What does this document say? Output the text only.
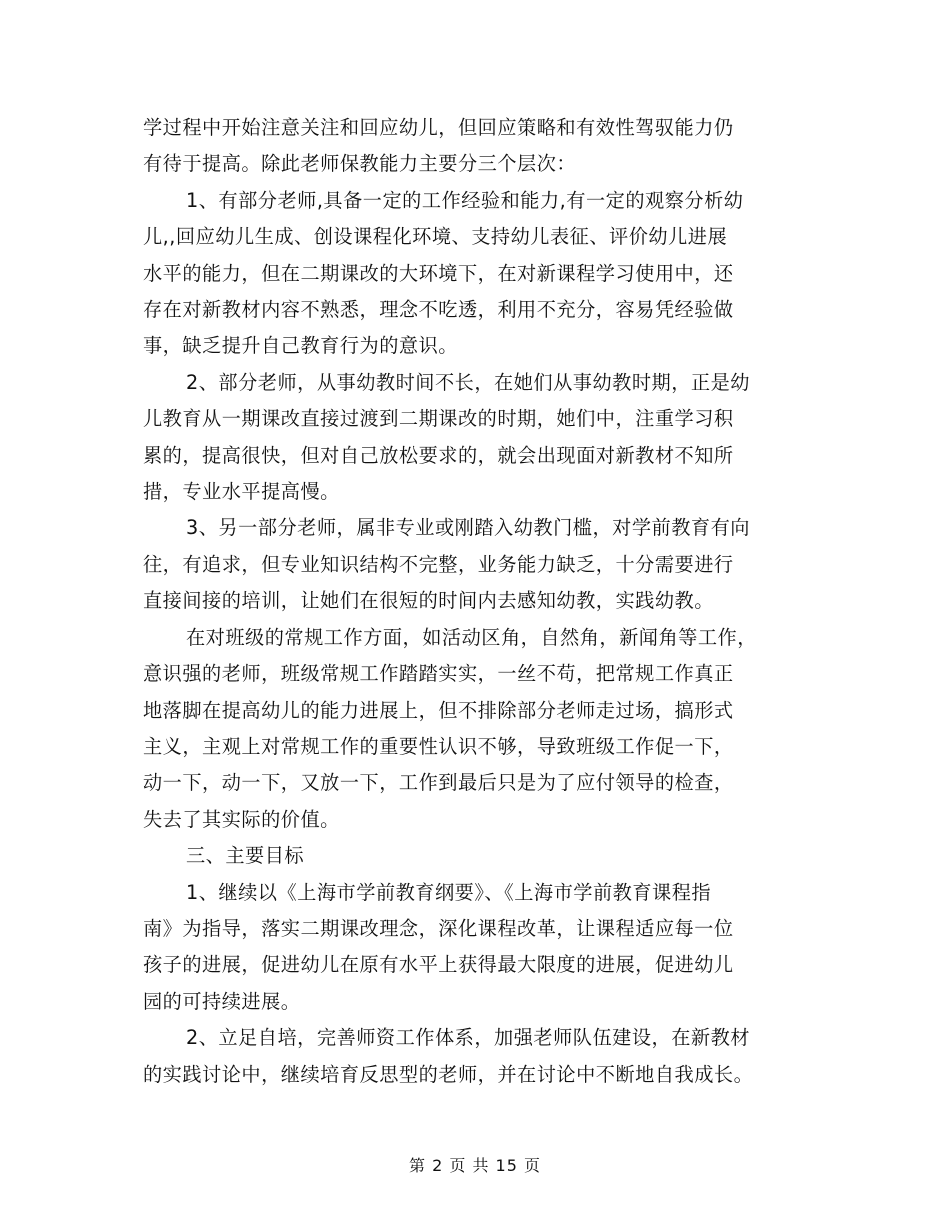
学过程中开始注意关注和回应幼儿，但回应策略和有效性驾驭能力仍
有待于提高。除此老师保教能力主要分三个层次：

1、有部分老师,具备一定的工作经验和能力,有一定的观察分析幼
儿,,回应幼儿生成、创设课程化环境、支持幼儿表征、评价幼儿进展
水平的能力，但在二期课改的大环境下，在对新课程学习使用中，还
存在对新教材内容不熟悉，理念不吃透，利用不充分，容易凭经验做
事，缺乏提升自己教育行为的意识。

2、部分老师，从事幼教时间不长，在她们从事幼教时期，正是幼
儿教育从一期课改直接过渡到二期课改的时期，她们中，注重学习积
累的，提高很快，但对自己放松要求的，就会出现面对新教材不知所
措，专业水平提高慢。

3、另一部分老师，属非专业或刚踏入幼教门槛，对学前教育有向
往，有追求，但专业知识结构不完整，业务能力缺乏，十分需要进行
直接间接的培训，让她们在很短的时间内去感知幼教，实践幼教。

在对班级的常规工作方面，如活动区角，自然角，新闻角等工作，
意识强的老师，班级常规工作踏踏实实，一丝不苟，把常规工作真正
地落脚在提高幼儿的能力进展上，但不排除部分老师走过场，搞形式
主义，主观上对常规工作的重要性认识不够，导致班级工作促一下，
动一下，动一下，又放一下，工作到最后只是为了应付领导的检查，
失去了其实际的价值。

三、主要目标

1、继续以《上海市学前教育纲要》、《上海市学前教育课程指
南》为指导，落实二期课改理念，深化课程改革，让课程适应每一位
孩子的进展，促进幼儿在原有水平上获得最大限度的进展，促进幼儿
园的可持续进展。

2、立足自培，完善师资工作体系，加强老师队伍建设，在新教材
的实践讨论中，继续培育反思型的老师，并在讨论中不断地自我成长。

第 2 页 共 15 页
